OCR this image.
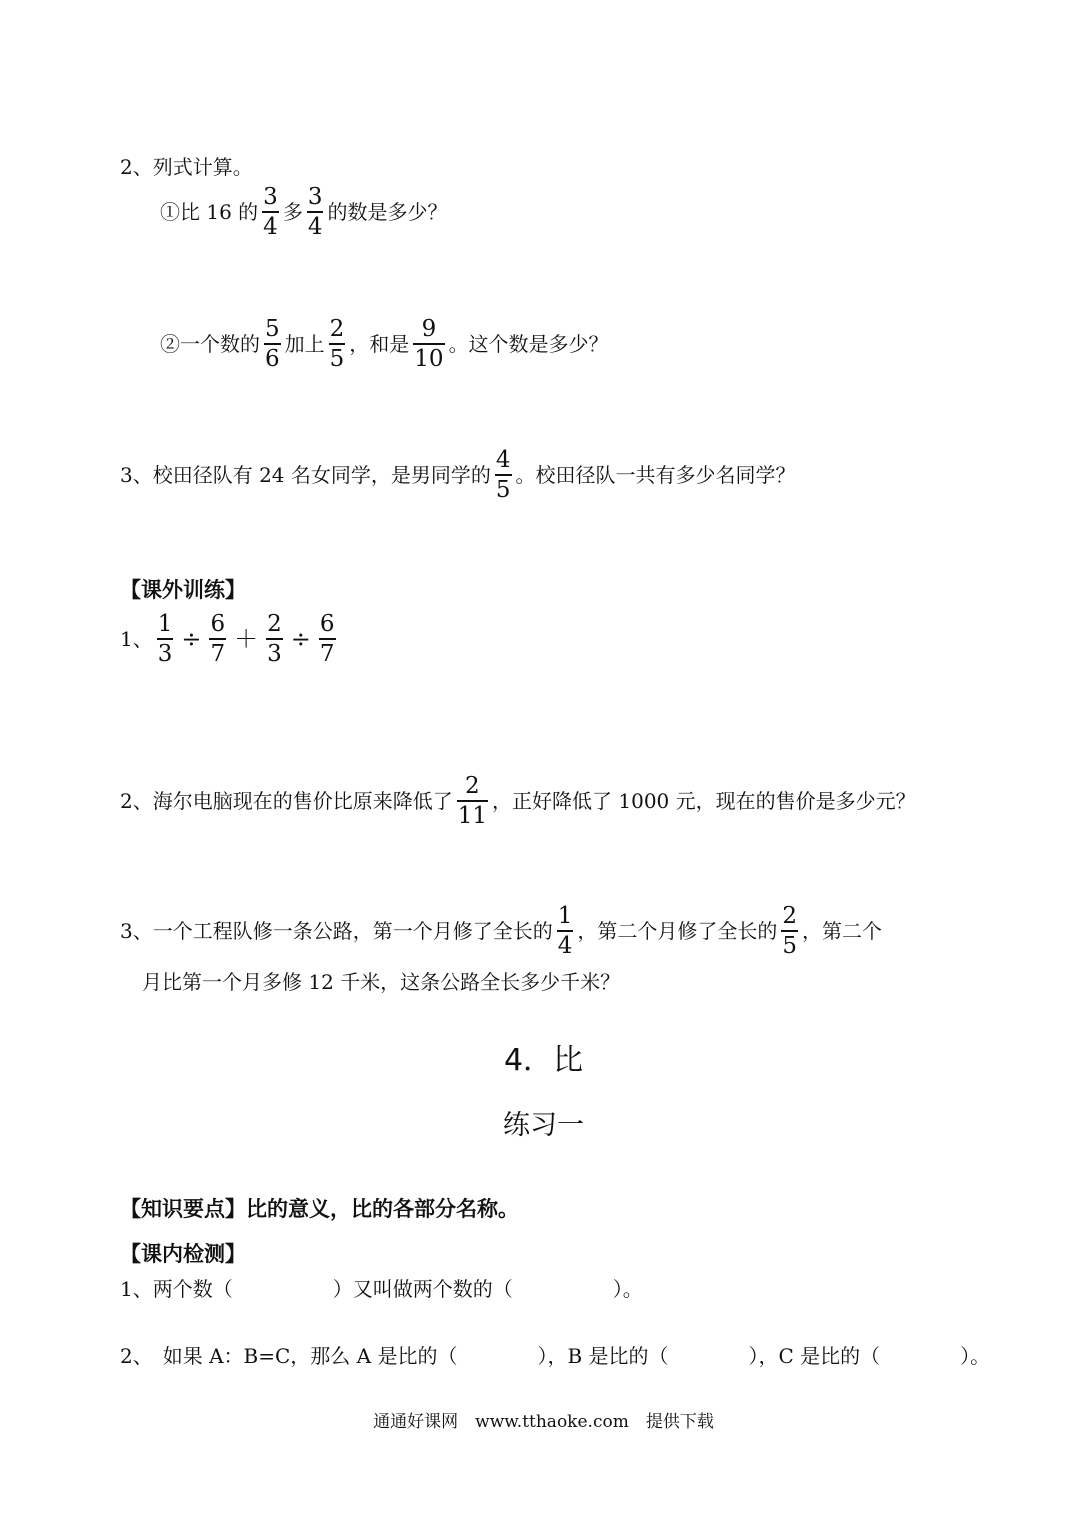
2、列式计算。
①比 16 的 $\frac{3}{4}$ 多 $\frac{3}{4}$ 的数是多少？
②一个数的 $\frac{5}{6}$ 加上 $\frac{2}{5}$ ，和是 $\frac{9}{10}$ 。这个数是多少？
3、校田径队有 24 名女同学，是男同学的 $\frac{4}{5}$ 。校田径队一共有多少名同学？
【课外训练】
1、 $\frac{1}{3} \div \frac{6}{7} + \frac{2}{3} \div \frac{6}{7}$
2、海尔电脑现在的售价比原来降低了 $\frac{2}{11}$ ，正好降低了 1000 元，现在的售价是多少元？
3、一个工程队修一条公路，第一个月修了全长的 $\frac{1}{4}$ ，第二个月修了全长的 $\frac{2}{5}$ ，第二个
月比第一个月多修 12 千米，这条公路全长多少千米？
4．比
练习一
【知识要点】比的意义，比的各部分名称。
【课内检测】
1、两个数（　　　　　）又叫做两个数的（　　　　　）。
2、　如果 A：B=C，那么 A 是比的（　　　　），B 是比的（　　　　），C 是比的（　　　　）。
通通好课网　www.tthaoke.com　提供下载
